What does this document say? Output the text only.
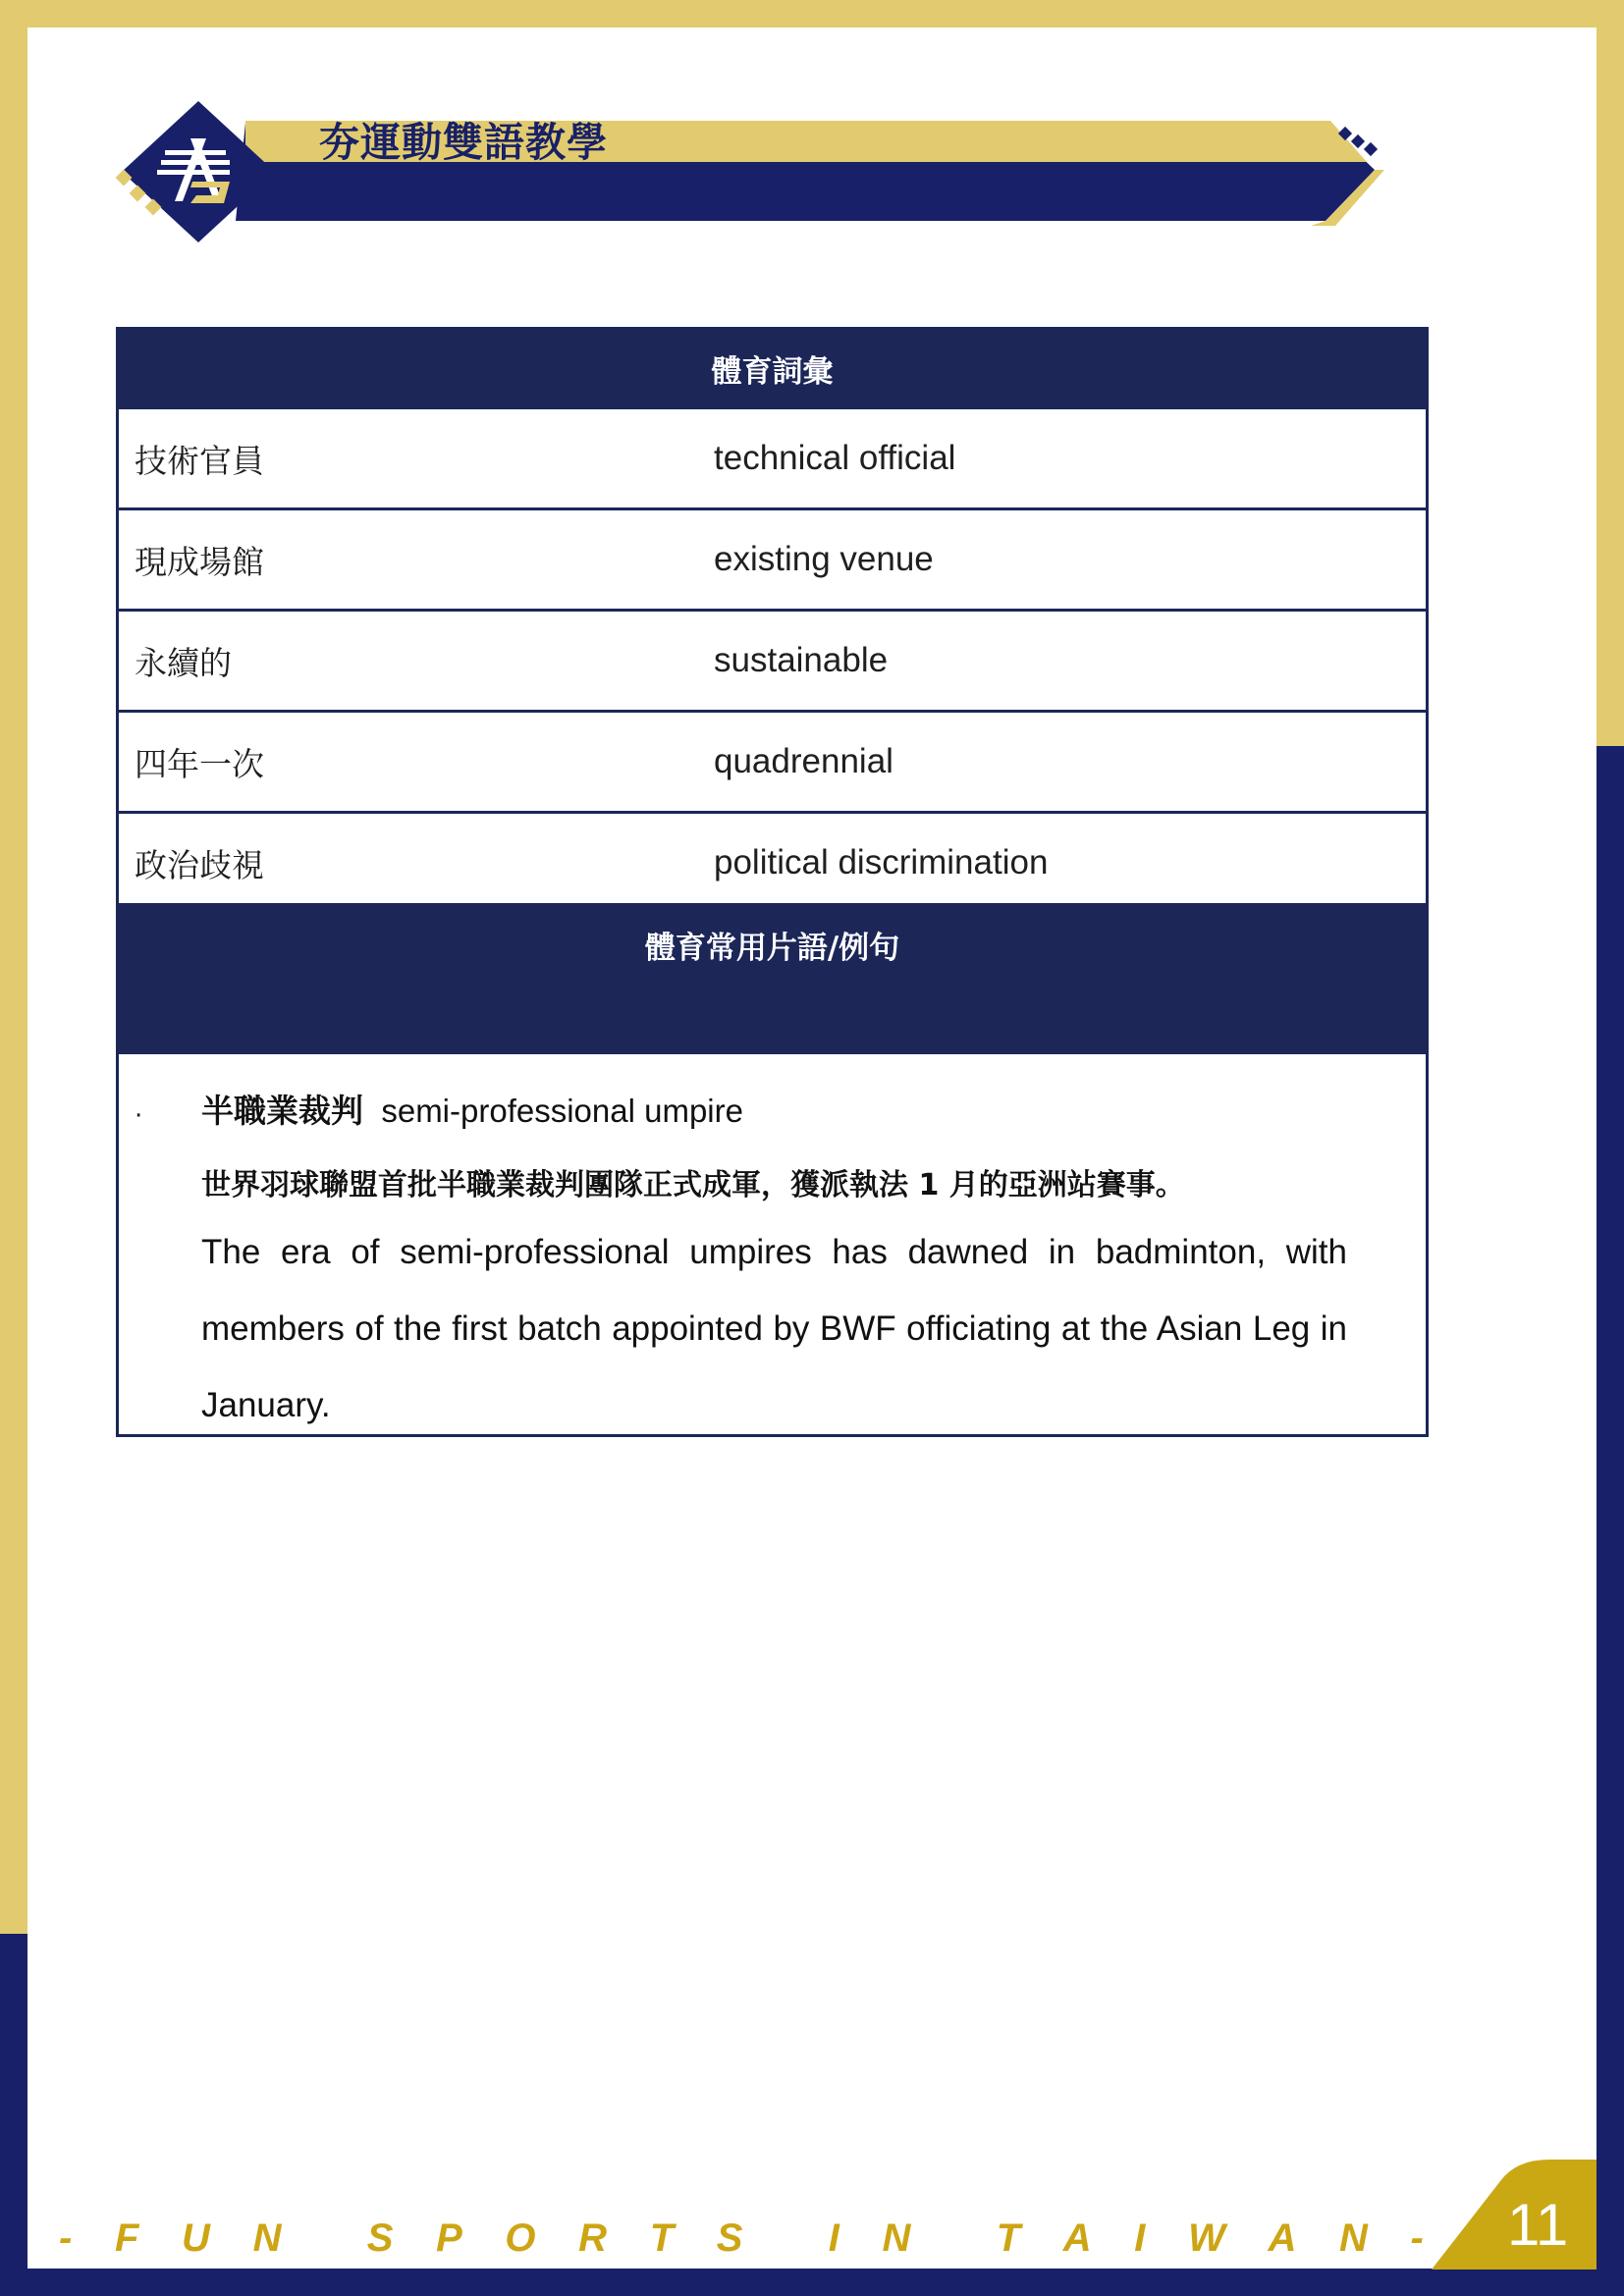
夯運動雙語教學
體育詞彙	
技術官員	technical official
現成場館	existing venue
永續的	sustainable
四年一次	quadrennial
政治歧視	political discrimination
體育常用片語/例句
· 半職業裁判 semi-professional umpire
世界羽球聯盟首批半職業裁判團隊正式成軍，獲派執法 1 月的亞洲站賽事。
The era of semi-professional umpires has dawned in badminton, with members of the first batch appointed by BWF officiating at the Asian Leg in January.
- F U N S P O R T S I N T A I W A N - 11
